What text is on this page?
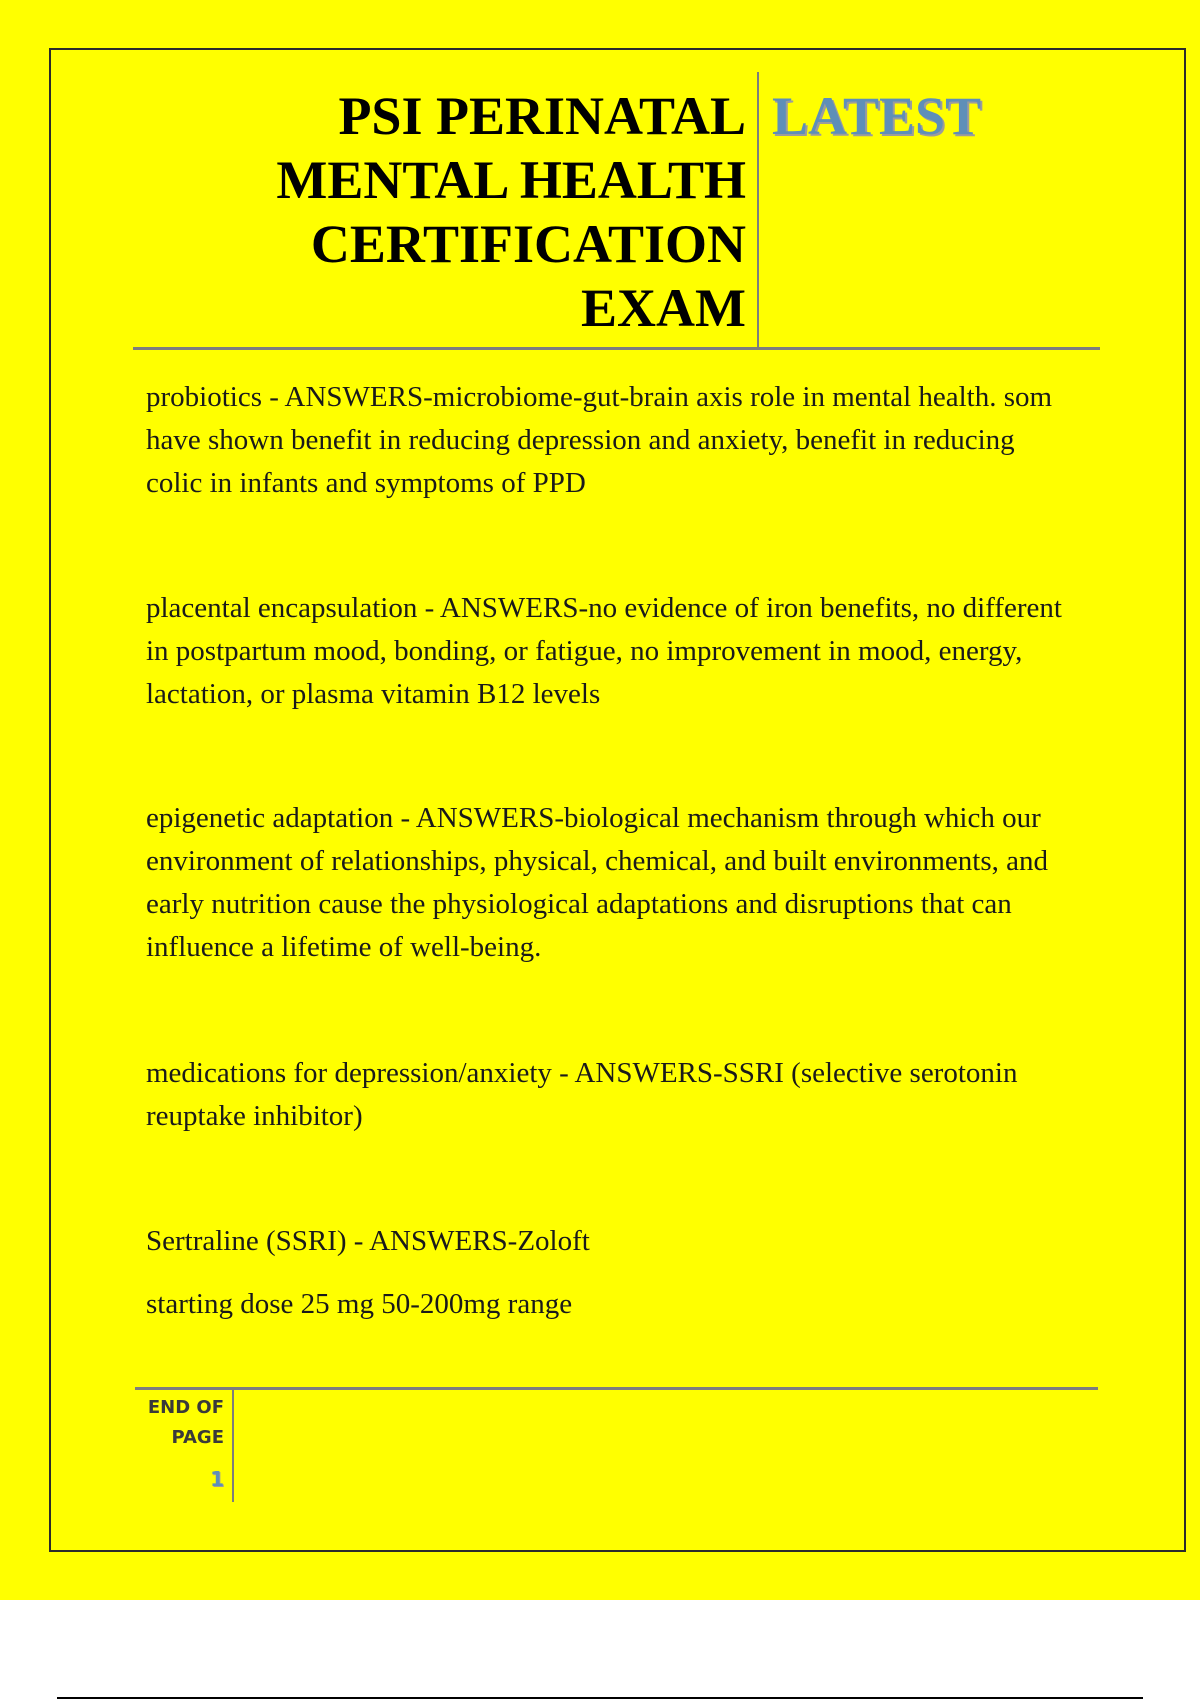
PSI PERINATAL
MENTAL HEALTH
CERTIFICATION
EXAM
LATEST

probiotics - ANSWERS-microbiome-gut-brain axis role in mental health. som have shown benefit in reducing depression and anxiety, benefit in reducing colic in infants and symptoms of PPD

placental encapsulation - ANSWERS-no evidence of iron benefits, no different in postpartum mood, bonding, or fatigue, no improvement in mood, energy, lactation, or plasma vitamin B12 levels

epigenetic adaptation - ANSWERS-biological mechanism through which our environment of relationships, physical, chemical, and built environments, and early nutrition cause the physiological adaptations and disruptions that can influence a lifetime of well-being.

medications for depression/anxiety - ANSWERS-SSRI (selective serotonin reuptake inhibitor)

Sertraline (SSRI) - ANSWERS-Zoloft

starting dose 25 mg 50-200mg range

END OF
PAGE
1
